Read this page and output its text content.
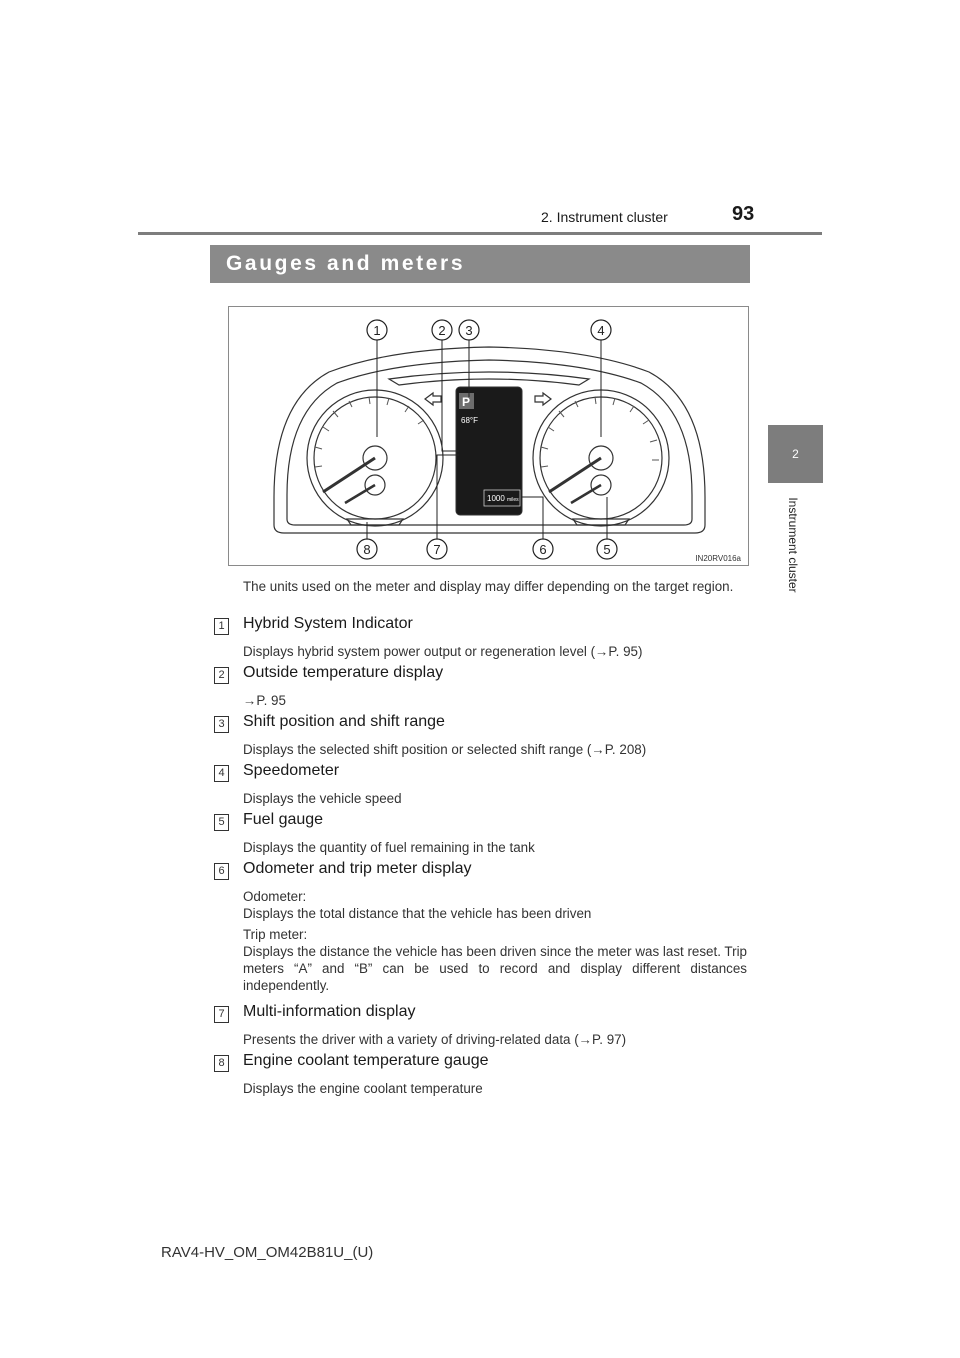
2. Instrument cluster	93
2
Instrument cluster
Gauges and meters
P
68°F
1000 miles
1	2 3	4
5
6
7
8
IN20RV016a
The units used on the meter and display may differ depending on the target region.
1 Hybrid System Indicator

Displays hybrid system power output or regeneration level (→P. 95)

2 Outside temperature display

→P. 95

3 Shift position and shift range

Displays the selected shift position or selected shift range (→P. 208)

4 Speedometer

Displays the vehicle speed

5 Fuel gauge

Displays the quantity of fuel remaining in the tank

6 Odometer and trip meter display
Odometer:
Displays the total distance that the vehicle has been driven
Trip meter:
Displays the distance the vehicle has been driven since the meter was last reset. Trip meters “A” and “B” can be used to record and display different distances independently.
7 Multi-information display

Presents the driver with a variety of driving-related data (→P. 97)

8 Engine coolant temperature gauge

Displays the engine coolant temperature

RAV4-HV_OM_OM42B81U_(U)
